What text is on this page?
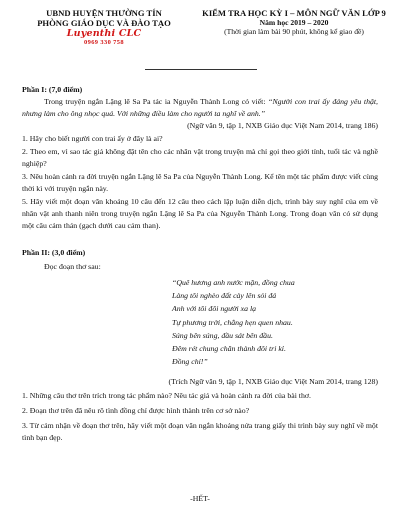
UBND HUYỆN THƯỜNG TÍN
PHÒNG GIÁO DỤC VÀ ĐÀO TẠO
Luyenthi CLC
0969 330 758
KIỂM TRA HỌC KỲ I – MÔN NGỮ VĂN LỚP 9
Năm học 2019 – 2020
(Thời gian làm bài 90 phút, không kể giao đề)
Phần I: (7,0 điểm)
Trong truyện ngắn Lặng lẽ Sa Pa tác ia Nguyễn Thành Long có viết: “Người con trai ấy đáng yêu thật, nhưng làm cho ông nhọc quá. Với những điều làm cho người ta nghĩ về anh.”
(Ngữ văn 9, tập 1, NXB Giáo dục Việt Nam 2014, trang 186)
1. Hãy cho biết người con trai ấy ở đây là ai?
2. Theo em, vì sao tác giả không đặt tên cho các nhân vật trong truyện mà chỉ gọi theo giới tính, tuổi tác và nghề nghiệp?
3. Nêu hoàn cảnh ra đời truyện ngắn Lặng lẽ Sa Pa của Nguyễn Thành Long. Kể tên một tác phẩm được viết cùng thời kì với truyện ngắn này.
5. Hãy viết một đoạn văn khoảng 10 câu đến 12 câu theo cách lập luận diễn dịch, trình bày suy nghĩ của em về nhân vật anh thanh niên trong truyện ngắn Lặng lẽ Sa Pa của Nguyễn Thành Long. Trong đoạn văn có sử dụng một câu cảm thán (gạch dưới cau cảm than).
Phần II: (3,0 điểm)
Đọc đoạn thơ sau:
“Quê hương anh nước mặn, đồng chua
Làng tôi nghèo đất cày lên sỏi đá
Anh với tôi đôi người xa lạ
Tự phương trời, chẳng hẹn quen nhau.
Súng bên súng, đầu sát bên đầu.
Đêm rét chung chăn thành đôi tri kỉ.
Đồng chí!”
(Trích Ngữ văn 9, tập 1, NXB Giáo dục Việt Nam 2014, trang 128)
1. Những câu thơ trên trích trong tác phẩm nào? Nêu tác giả và hoàn cảnh ra đời của bài thơ.
2. Đoạn thơ trên đã nêu rõ tình đồng chí được hình thành trên cơ sở nào?
3. Từ cảm nhận về đoạn thơ trên, hãy viết một đoạn văn ngắn khoảng nửa trang giấy thi trình bày suy nghĩ về một tình bạn đẹp.
-HẾT-
